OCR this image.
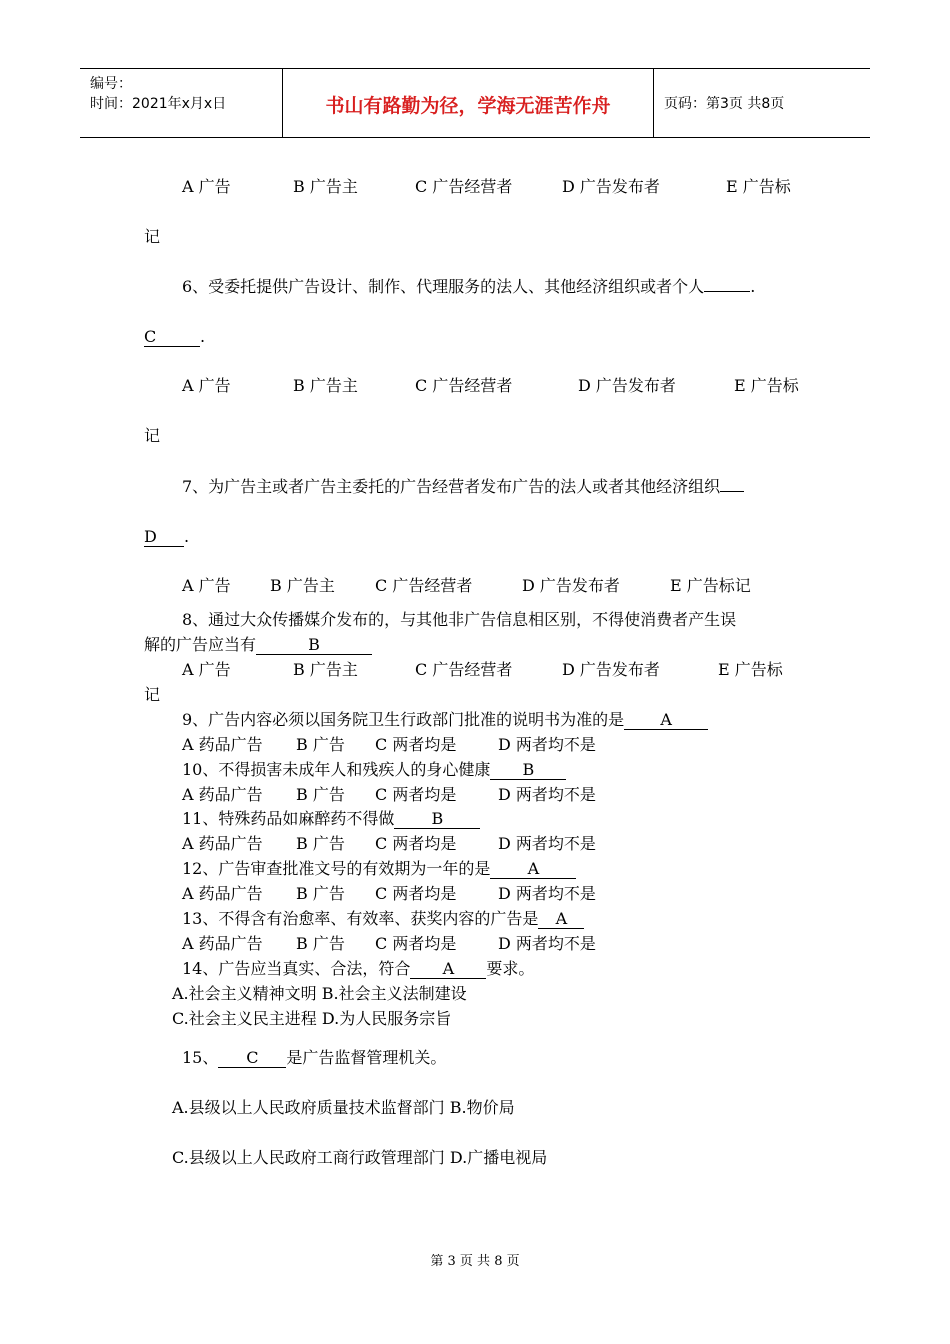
编号：
时间：2021年x月x日	书山有路勤为径，学海无涯苦作舟	页码：第3页 共8页
A 广告	B 广告主	C 广告经营者	D 广告发布者	E 广告标
记
6、受委托提供广告设计、制作、代理服务的法人、其他经济组织或者个人	.
C	.
A 广告	B 广告主	C 广告经营者	D 广告发布者	E 广告标
记
7、为广告主或者广告主委托的广告经营者发布广告的法人或者其他经济组织
D .
A 广告 B 广告主	C 广告经营者	D 广告发布者	E 广告标记
8、通过大众传播媒介发布的，与其他非广告信息相区别，不得使消费者产生误
解的广告应当有	B
A 广告	B 广告主	C 广告经营者	D 广告发布者	E 广告标
记
9、广告内容必须以国务院卫生行政部门批准的说明书为准的是 A
A 药品广告 B 广告 C 两者均是	D 两者均不是
10、不得损害未成年人和残疾人的身心健康 B
A 药品广告 B 广告 C 两者均是	D 两者均不是
11、特殊药品如麻醉药不得做 B
A 药品广告 B 广告 C 两者均是	D 两者均不是
12、广告审查批准文号的有效期为一年的是 A
A 药品广告 B 广告 C 两者均是	D 两者均不是
13、不得含有治愈率、有效率、获奖内容的广告是 A
A 药品广告 B 广告 C 两者均是	D 两者均不是
14、广告应当真实、合法，符合 A 要求。
A.社会主义精神文明 B.社会主义法制建设
C.社会主义民主进程 D.为人民服务宗旨
15、 C 是广告监督管理机关。
A.县级以上人民政府质量技术监督部门 B.物价局
C.县级以上人民政府工商行政管理部门 D.广播电视局
第 3 页 共 8 页
